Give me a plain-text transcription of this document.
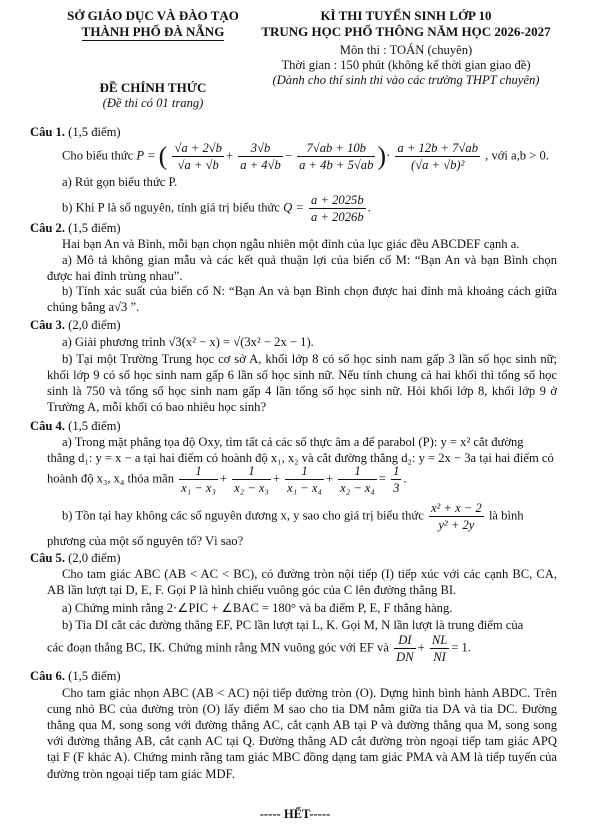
SỞ GIÁO DỤC VÀ ĐÀO TẠO
THÀNH PHỐ ĐÀ NẴNG
KÌ THI TUYỂN SINH LỚP 10
TRUNG HỌC PHỔ THÔNG NĂM HỌC 2026-2027
Môn thi : TOÁN (chuyên)
Thời gian : 150 phút (không kể thời gian giao đề)
(Dành cho thí sinh thi vào các trường THPT chuyên)
ĐỀ CHÍNH THỨC
(Đề thi có 01 trang)
Câu 1. (1,5 điểm)
Cho biểu thức P = ( $\frac{√a + 2√b}{√a + √b} + \frac{3√b}{a + 4√b} - \frac{7√ab + 10b}{a + 4b + 5√ab}$ )· $\frac{a + 12b + 7√ab}{\text{(√a + √b)²}}$ , với a,b > 0.
a) Rút gọn biểu thức P.
b) Khi P là số nguyên, tính giá trị biểu thức $Q = \frac{a + 2025b}{a + 2026b}$ .
Câu 2. (1,5 điểm)
Hai bạn An và Bình, mỗi bạn chọn ngẫu nhiên một đỉnh của lục giác đều ABCDEF cạnh a.
a) Mô tả không gian mẫu và các kết quả thuận lợi của biến cố M: “Bạn An và bạn Bình chọn được hai đỉnh trùng nhau”.
b) Tính xác suất của biến cố N: “Bạn An và bạn Bình chọn được hai đỉnh mà khoảng cách giữa chúng bằng a√3 ”.
Câu 3. (2,0 điểm)
a) Giải phương trình √3(x² − x) = √(3x² − 2x − 1).
b) Tại một Trường Trung học cơ sở A, khối lớp 8 có số học sinh nam gấp 3 lần số học sinh nữ; khối lớp 9 có số học sinh nam gấp 6 lần số học sinh nữ. Nếu tính chung cả hai khối thì tổng số học sinh là 750 và tổng số học sinh nam gấp 4 lần tổng số học sinh nữ. Hỏi khối lớp 8, khối lớp 9 ở Trường A, mỗi khối có bao nhiêu học sinh?
Câu 4. (1,5 điểm)
a) Trong mặt phẳng tọa độ Oxy, tìm tất cả các số thực âm a để parabol (P): y = x² cắt đường
thẳng d₁: y = x − a tại hai điểm có hoành độ x₁, x₂ và cắt đường thẳng d₂: y = 2x − 3a tại hai điểm có
hoành độ x₃, x₄ thỏa mãn $\frac{1}{\text{x₁ − x₃}} + \frac{1}{\text{x₂ − x₃}} + \frac{1}{\text{x₁ − x₄}} + \frac{1}{\text{x₂ − x₄}} = \frac{1}{3}$ .
b) Tồn tại hay không các số nguyên dương x, y sao cho giá trị biểu thức $\frac{\text{x² + x − 2}}{\text{y² + 2y}}$ là bình
phương của một số nguyên tố? Vì sao?
Câu 5. (2,0 điểm)
Cho tam giác ABC (AB < AC < BC), có đường tròn nội tiếp (I) tiếp xúc với các cạnh BC, CA, AB lần lượt tại D, E, F. Gọi P là hình chiếu vuông góc của C lên đường thẳng BI.
a) Chứng minh rằng 2·∠PIC + ∠BAC = 180° và ba điểm P, E, F thẳng hàng.
b) Tia DI cắt các đường thẳng EF, PC lần lượt tại L, K. Gọi M, N lần lượt là trung điểm của
các đoạn thẳng BC, IK. Chứng minh rằng MN vuông góc với EF và $\frac{DI}{DN} + \frac{NL}{NI} = 1$.
Câu 6. (1,5 điểm)
Cho tam giác nhọn ABC (AB < AC) nội tiếp đường tròn (O). Dựng hình bình hành ABDC. Trên cung nhỏ BC của đường tròn (O) lấy điểm M sao cho tia DM nằm giữa tia DA và tia DC. Đường thẳng qua M, song song với đường thẳng AC, cắt cạnh AB tại P và đường thẳng qua M, song song với đường thẳng AB, cắt cạnh AC tại Q. Đường thẳng AD cắt đường tròn ngoại tiếp tam giác APQ tại F (F khác A). Chứng minh rằng tam giác MBC đồng dạng tam giác PMA và AM là tiếp tuyến của đường tròn ngoại tiếp tam giác MDF.
----- HẾT-----
